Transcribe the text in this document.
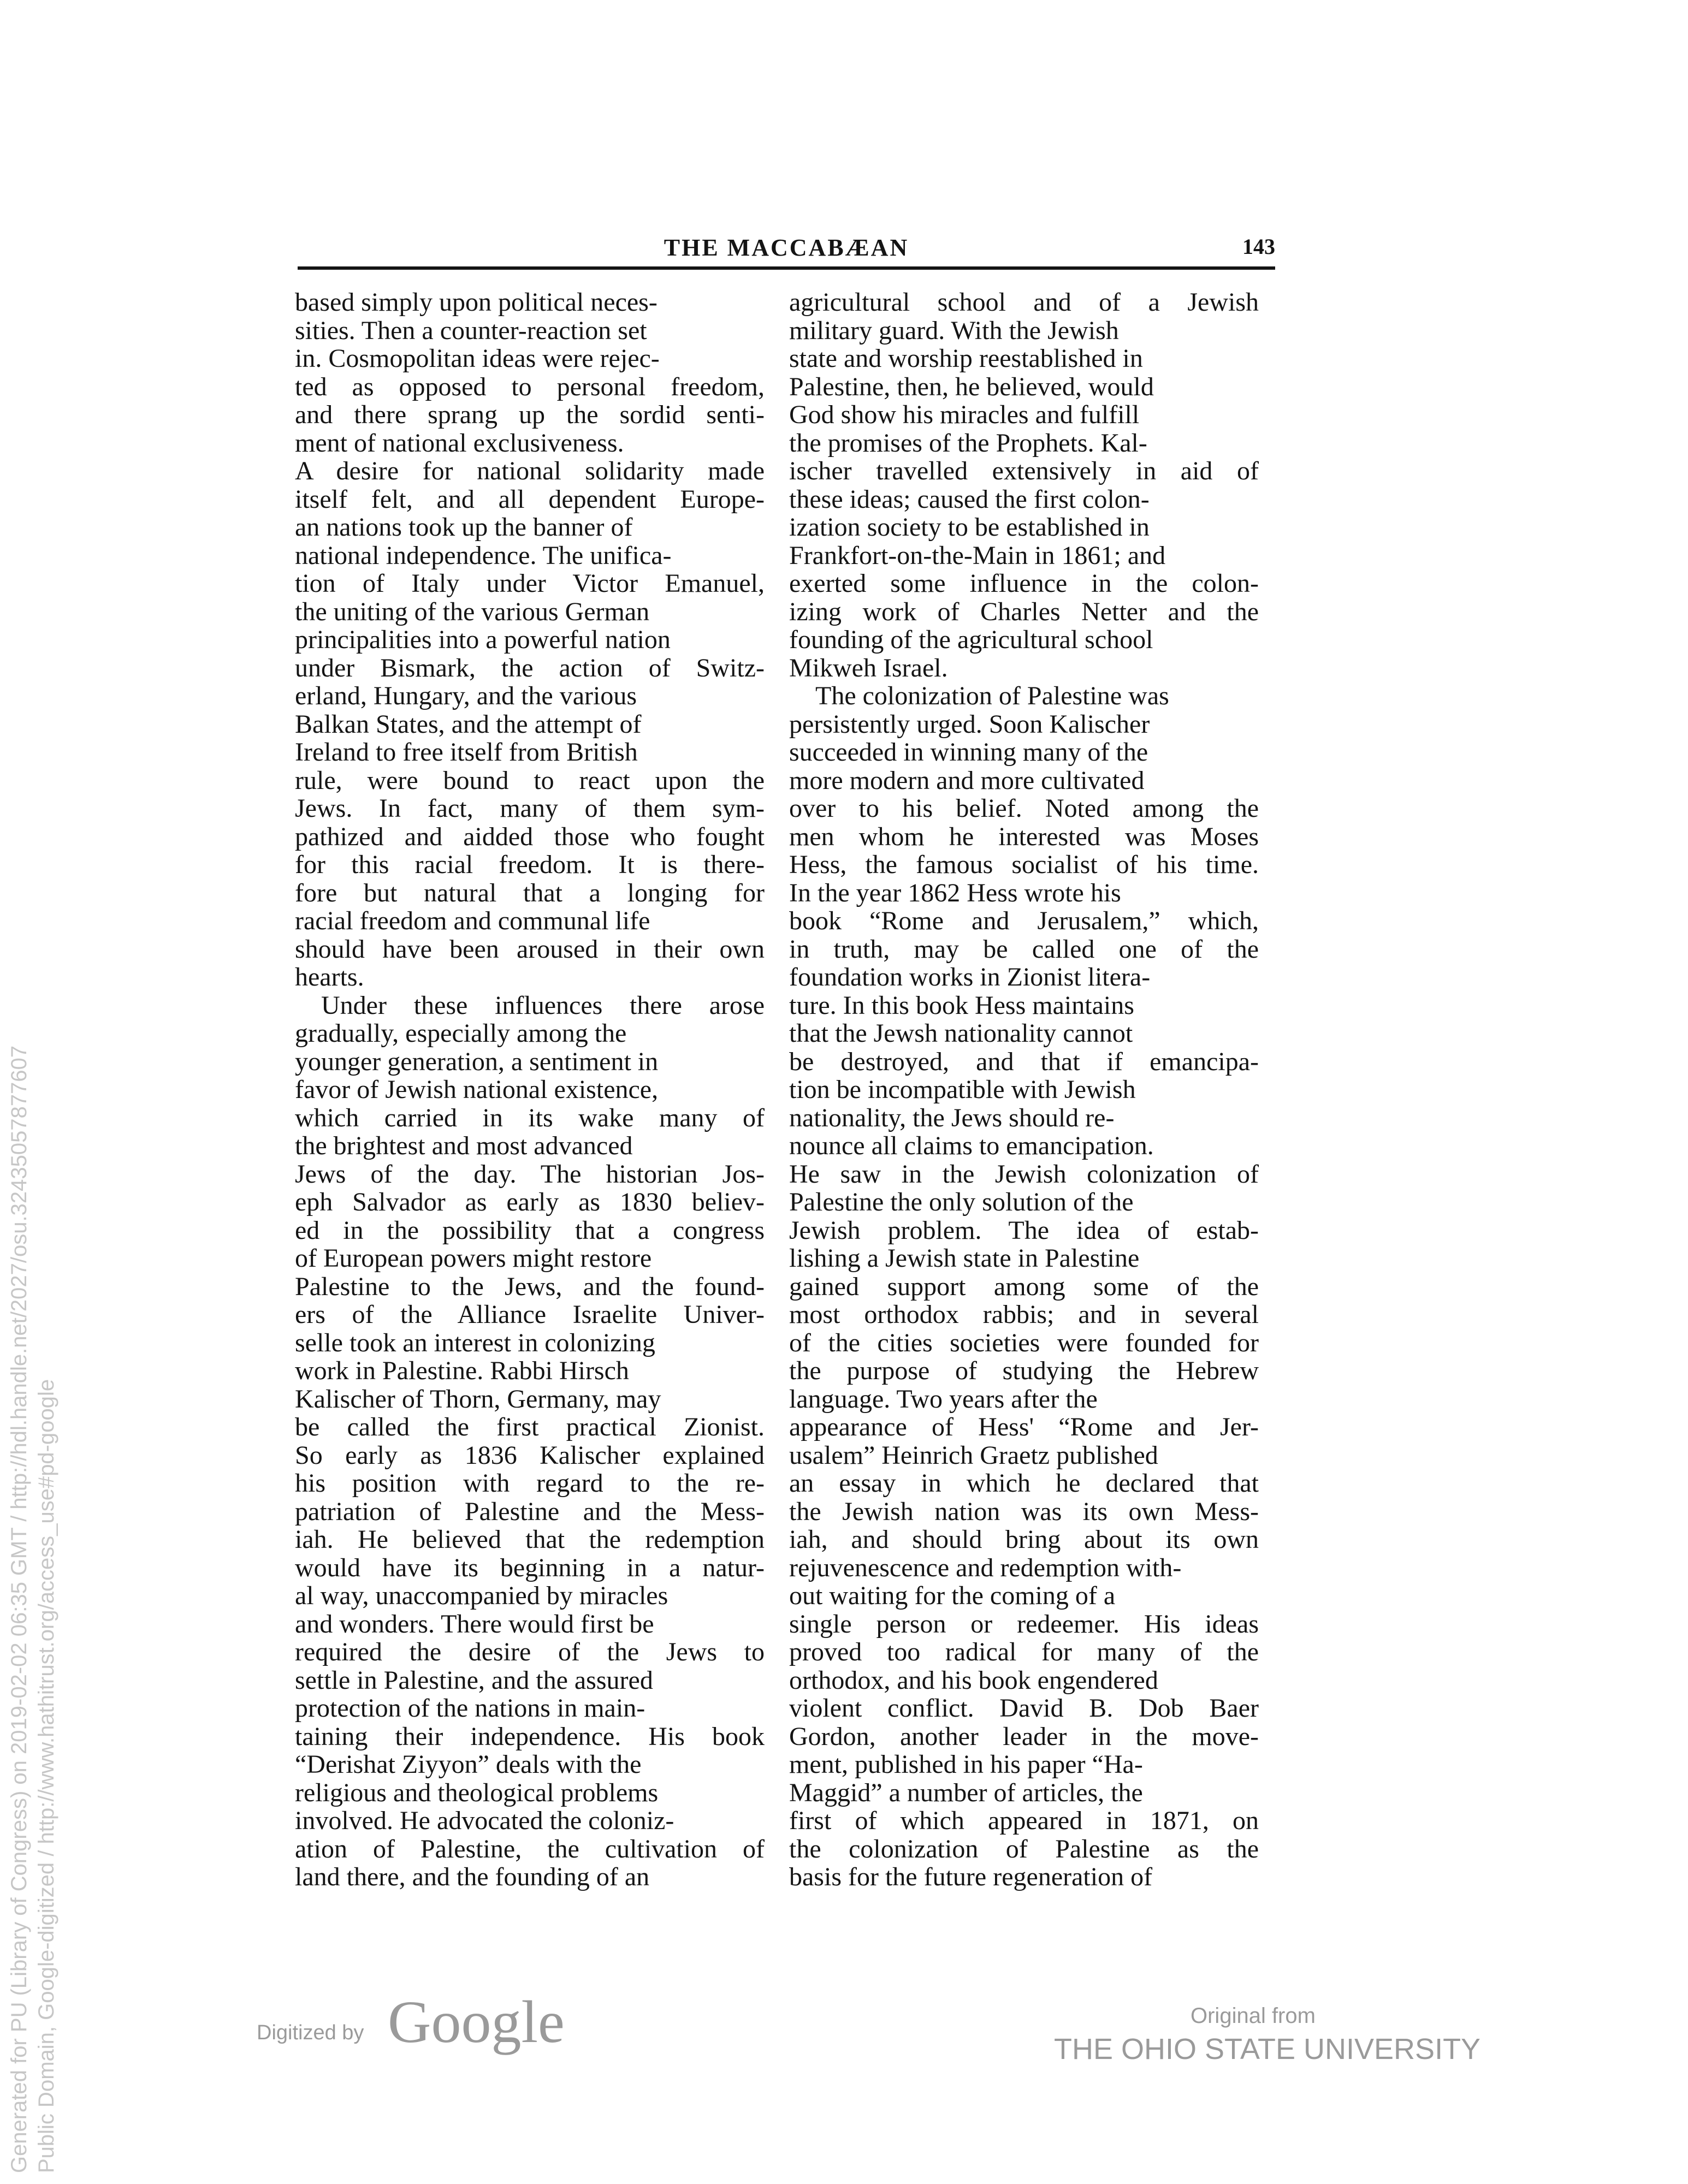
THE MACCABÆAN	143
based simply upon political neces-
sities. Then a counter-reaction set
in. Cosmopolitan ideas were rejec-
ted as opposed to personal freedom,
and there sprang up the sordid senti-
ment of national exclusiveness.
A desire for national solidarity made
itself felt, and all dependent Europe-
an nations took up the banner of
national independence. The unifica-
tion of Italy under Victor Emanuel,
the uniting of the various German
principalities into a powerful nation
under Bismark, the action of Switz-
erland, Hungary, and the various
Balkan States, and the attempt of
Ireland to free itself from British
rule, were bound to react upon the
Jews. In fact, many of them sym-
pathized and aidded those who fought
for this racial freedom. It is there-
fore but natural that a longing for
racial freedom and communal life
should have been aroused in their own
hearts.
Under these influences there arose
gradually, especially among the
younger generation, a sentiment in
favor of Jewish national existence,
which carried in its wake many of
the brightest and most advanced
Jews of the day. The historian Jos-
eph Salvador as early as 1830 believ-
ed in the possibility that a congress
of European powers might restore
Palestine to the Jews, and the found-
ers of the Alliance Israelite Univer-
selle took an interest in colonizing
work in Palestine. Rabbi Hirsch
Kalischer of Thorn, Germany, may
be called the first practical Zionist.
So early as 1836 Kalischer explained
his position with regard to the re-
patriation of Palestine and the Mess-
iah. He believed that the redemption
would have its beginning in a natur-
al way, unaccompanied by miracles
and wonders. There would first be
required the desire of the Jews to
settle in Palestine, and the assured
protection of the nations in main-
taining their independence. His book
“Derishat Ziyyon” deals with the
religious and theological problems
involved. He advocated the coloniz-
ation of Palestine, the cultivation of
land there, and the founding of an
agricultural school and of a Jewish
military guard. With the Jewish
state and worship reestablished in
Palestine, then, he believed, would
God show his miracles and fulfill
the promises of the Prophets. Kal-
ischer travelled extensively in aid of
these ideas; caused the first colon-
ization society to be established in
Frankfort-on-the-Main in 1861; and
exerted some influence in the colon-
izing work of Charles Netter and the
founding of the agricultural school
Mikweh Israel.
The colonization of Palestine was
persistently urged. Soon Kalischer
succeeded in winning many of the
more modern and more cultivated
over to his belief. Noted among the
men whom he interested was Moses
Hess, the famous socialist of his time.
In the year 1862 Hess wrote his
book “Rome and Jerusalem,” which,
in truth, may be called one of the
foundation works in Zionist litera-
ture. In this book Hess maintains
that the Jewsh nationality cannot
be destroyed, and that if emancipa-
tion be incompatible with Jewish
nationality, the Jews should re-
nounce all claims to emancipation.
He saw in the Jewish colonization of
Palestine the only solution of the
Jewish problem. The idea of estab-
lishing a Jewish state in Palestine
gained support among some of the
most orthodox rabbis; and in several
of the cities societies were founded for
the purpose of studying the Hebrew
language. Two years after the
appearance of Hess' “Rome and Jer-
usalem” Heinrich Graetz published
an essay in which he declared that
the Jewish nation was its own Mess-
iah, and should bring about its own
rejuvenescence and redemption with-
out waiting for the coming of a
single person or redeemer. His ideas
proved too radical for many of the
orthodox, and his book engendered
violent conflict. David B. Dob Baer
Gordon, another leader in the move-
ment, published in his paper “Ha-
Maggid” a number of articles, the
first of which appeared in 1871, on
the colonization of Palestine as the
basis for the future regeneration of
Generated for PU (Library of Congress) on 2019-02-02 06:35 GMT / http://hdl.handle.net/2027/osu.32435057877607 Public Domain, Google-digitized / http://www.hathitrust.org/access_use#pd-google	Digitized by Google	Original from
THE OHIO STATE UNIVERSITY
